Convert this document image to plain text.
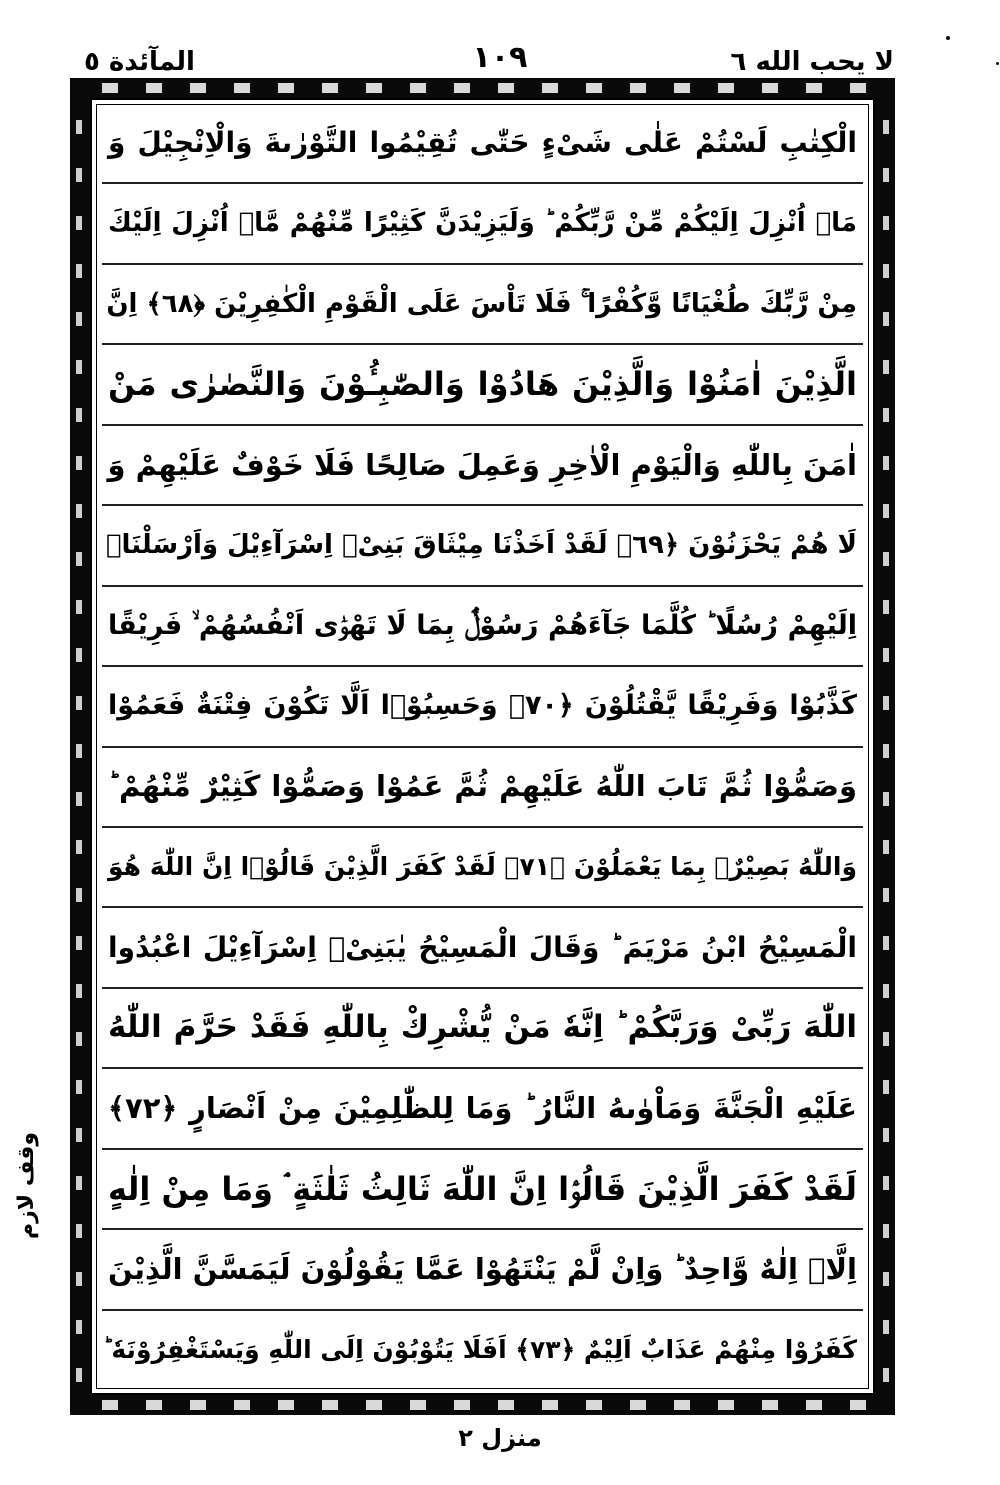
لا يحب الله ٦
١٠٩
المآئدة ٥
الْكِتٰبِ لَسْتُمْ عَلٰى شَیْءٍ حَتّٰى تُقِیْمُوا التَّوْرٰىةَ وَالْاِنْجِیْلَ وَ
مَاۤ اُنْزِلَ اِلَیْكُمْ مِّنْ رَّبِّكُمْ ؕ وَلَیَزِیْدَنَّ كَثِیْرًا مِّنْهُمْ مَّاۤ اُنْزِلَ اِلَیْكَ
مِنْ رَّبِّكَ طُغْیَانًا وَّكُفْرًا ۚ فَلَا تَاْسَ عَلَى الْقَوْمِ الْكٰفِرِیْنَ ﴿٦٨﴾ اِنَّ
الَّذِیْنَ اٰمَنُوْا وَالَّذِیْنَ هَادُوْا وَالصّٰبِـُٔوْنَ وَالنَّصٰرٰى مَنْ
اٰمَنَ بِاللّٰهِ وَالْیَوْمِ الْاٰخِرِ وَعَمِلَ صَالِحًا فَلَا خَوْفٌ عَلَیْهِمْ وَ
لَا هُمْ یَحْزَنُوْنَ ﴿٦٩﴾ لَقَدْ اَخَذْنَا مِیْثَاقَ بَنِیْۤ اِسْرَآءِیْلَ وَاَرْسَلْنَاۤ
اِلَیْهِمْ رُسُلًا ؕ كُلَّمَا جَآءَهُمْ رَسُوْلٌۢ بِمَا لَا تَهْوٰۤى اَنْفُسُهُمْ ۙ فَرِیْقًا
كَذَّبُوْا وَفَرِیْقًا یَّقْتُلُوْنَ ﴿٧٠﴾ وَحَسِبُوْۤا اَلَّا تَكُوْنَ فِتْنَةٌ فَعَمُوْا
وَصَمُّوْا ثُمَّ تَابَ اللّٰهُ عَلَیْهِمْ ثُمَّ عَمُوْا وَصَمُّوْا كَثِیْرٌ مِّنْهُمْ ؕ
وَاللّٰهُ بَصِیْرٌۢ بِمَا یَعْمَلُوْنَ ﴿٧١﴾ لَقَدْ كَفَرَ الَّذِیْنَ قَالُوْۤا اِنَّ اللّٰهَ هُوَ
الْمَسِیْحُ ابْنُ مَرْیَمَ ؕ وَقَالَ الْمَسِیْحُ یٰبَنِیْۤ اِسْرَآءِیْلَ اعْبُدُوا
اللّٰهَ رَبِّیْ وَرَبَّكُمْ ؕ اِنَّهٗ مَنْ یُّشْرِكْ بِاللّٰهِ فَقَدْ حَرَّمَ اللّٰهُ
عَلَیْهِ الْجَنَّةَ وَمَاْوٰىهُ النَّارُ ؕ وَمَا لِلظّٰلِمِیْنَ مِنْ اَنْصَارٍ ﴿٧٢﴾
لَقَدْ كَفَرَ الَّذِیْنَ قَالُوْۤا اِنَّ اللّٰهَ ثَالِثُ ثَلٰثَةٍ ۘ وَمَا مِنْ اِلٰهٍ
اِلَّاۤ اِلٰهٌ وَّاحِدٌ ؕ وَاِنْ لَّمْ یَنْتَهُوْا عَمَّا یَقُوْلُوْنَ لَیَمَسَّنَّ الَّذِیْنَ
كَفَرُوْا مِنْهُمْ عَذَابٌ اَلِیْمٌ ﴿٧٣﴾ اَفَلَا یَتُوْبُوْنَ اِلَى اللّٰهِ وَیَسْتَغْفِرُوْنَهٗ ؕ
وقف لازم
منزل ٢
